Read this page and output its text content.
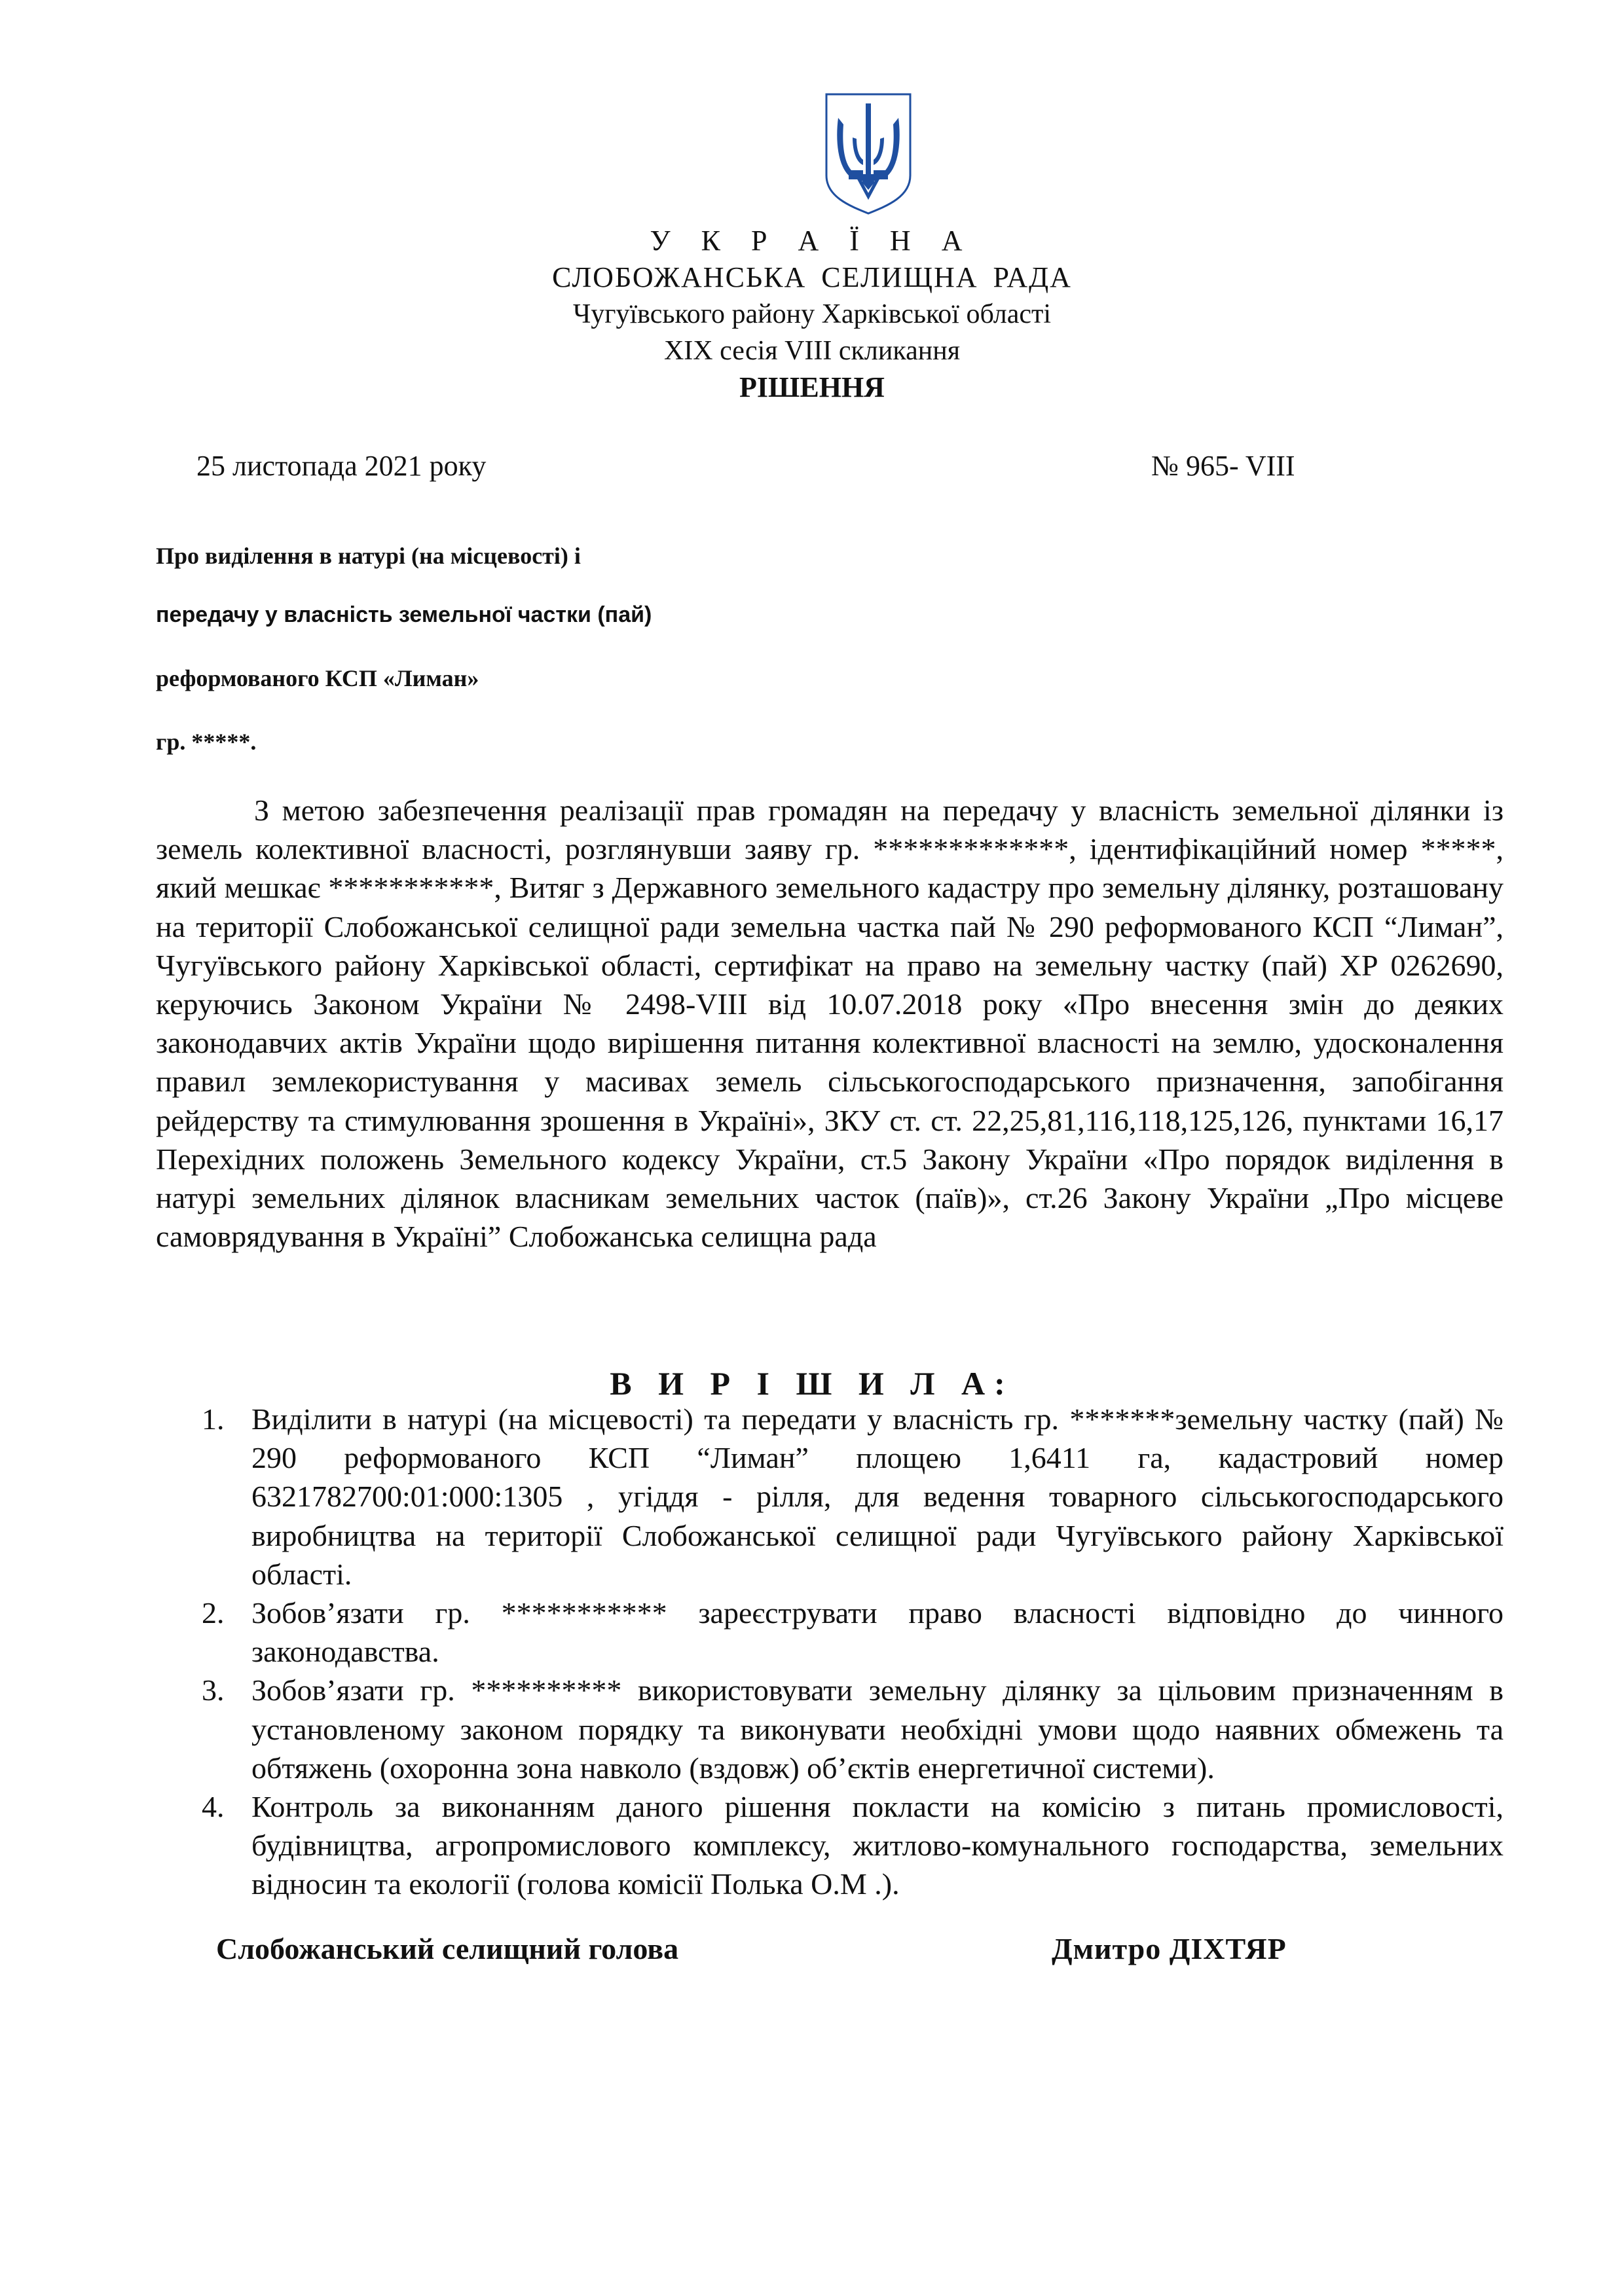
У К Р А Ї Н А
СЛОБОЖАНСЬКА СЕЛИЩНА РАДА
Чугуївського району Харківської області
XIX сесія VIII скликання
РІШЕННЯ
25 листопада 2021 року	№ 965- VIII
Про виділення в натурі (на місцевості) і
передачу у власність земельної частки (пай)
реформованого КСП «Лиман»
гр. *****.

З метою забезпечення реалізації прав громадян на передачу у власність земельної ділянки із земель колективної власності, розглянувши заяву гр. *************, ідентифікаційний номер *****, який мешкає ***********, Витяг з Державного земельного кадастру про земельну ділянку, розташовану на території Слобожанської селищної ради земельна частка пай № 290 реформованого КСП “Лиман”, Чугуївського району Харківської області, сертифікат на право на земельну частку (пай) ХР 0262690, керуючись Законом України № 2498-VIII від 10.07.2018 року «Про внесення змін до деяких законодавчих актів України щодо вирішення питання колективної власності на землю, удосконалення правил землекористування у масивах земель сільськогосподарського призначення, запобігання рейдерству та стимулювання зрошення в Україні», ЗКУ ст. ст. 22,25,81,116,118,125,126, пунктами 16,17 Перехідних положень Земельного кодексу України, ст.5 Закону України «Про порядок виділення в натурі земельних ділянок власникам земельних часток (паїв)», ст.26 Закону України „Про місцеве самоврядування в Україні” Слобожанська селищна рада

В И Р І Ш И Л А:
1. Виділити в натурі (на місцевості) та передати у власність гр. *******земельну частку (пай) № 290 реформованого КСП “Лиман” площею 1,6411 га, кадастровий номер 6321782700:01:000:1305 , угіддя - рілля, для ведення товарного сільськогосподарського виробництва на території Слобожанської селищної ради Чугуївського району Харківської області.
2. Зобов’язати гр. *********** зареєструвати право власності відповідно до чинного законодавства.
3. Зобов’язати гр. ********** використовувати земельну ділянку за цільовим призначенням в установленому законом порядку та виконувати необхідні умови щодо наявних обмежень та обтяжень (охоронна зона навколо (вздовж) об’єктів енергетичної системи).
4. Контроль за виконанням даного рішення покласти на комісію з питань промисловості, будівництва, агропромислового комплексу, житлово-комунального господарства, земельних відносин та екології (голова комісії Полька О.М .).
Слобожанський селищний голова	Дмитро ДІХТЯР
